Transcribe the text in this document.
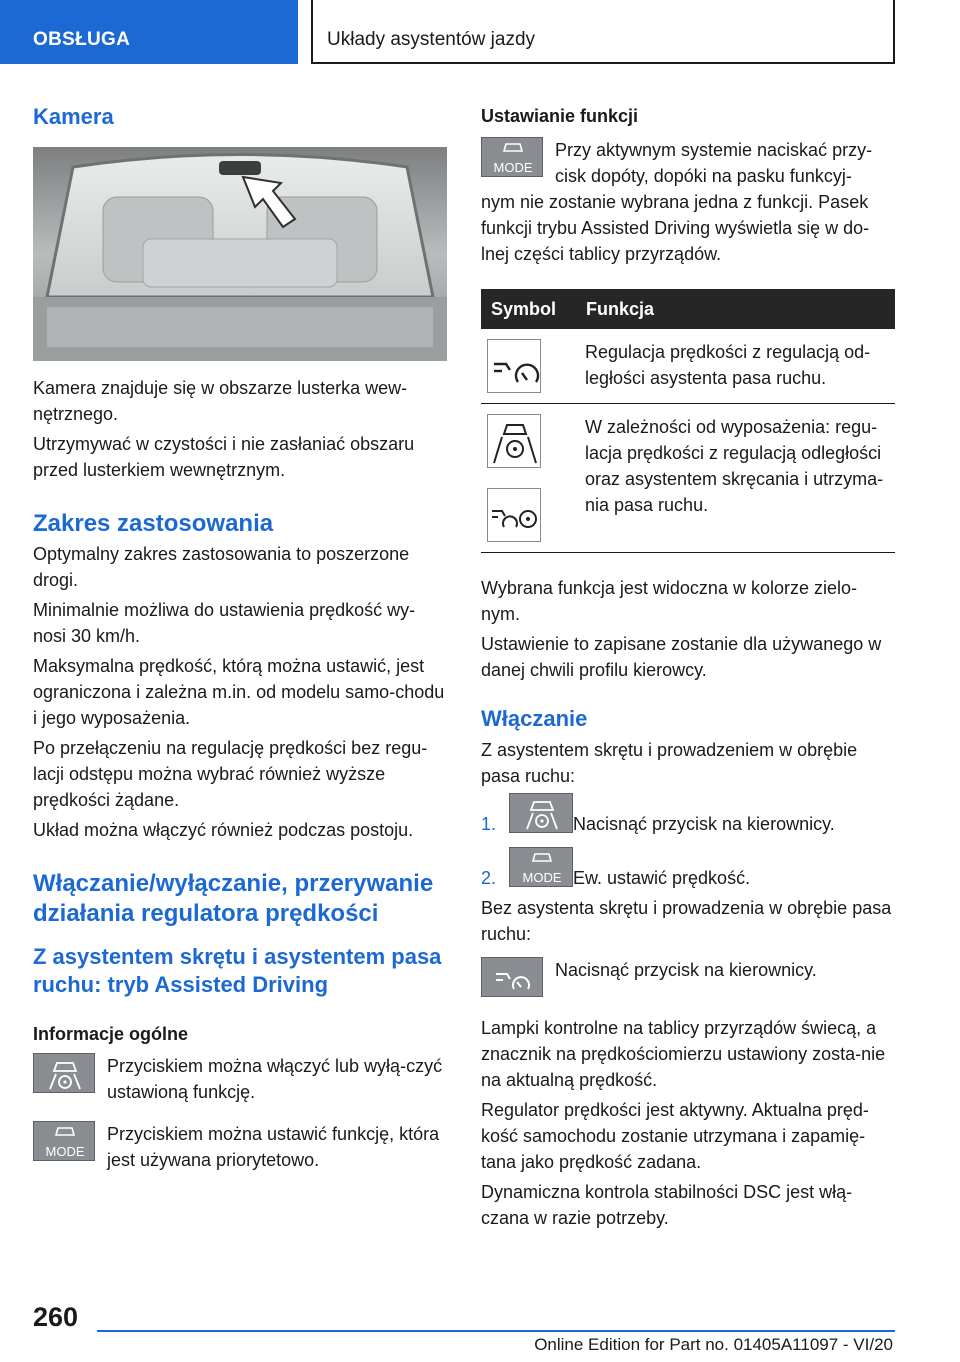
OBSŁUGA	Układy asystentów jazdy
Kamera

Kamera znajduje się w obszarze lusterka wew-nętrznego.

Utrzymywać w czystości i nie zasłaniać obszaru przed lusterkiem wewnętrznym.

Zakres zastosowania

Optymalny zakres zastosowania to poszerzone drogi.

Minimalnie możliwa do ustawienia prędkość wy-nosi 30 km/h.

Maksymalna prędkość, którą można ustawić, jest ograniczona i zależna m.in. od modelu samo-chodu i jego wyposażenia.

Po przełączeniu na regulację prędkości bez regu-lacji odstępu można wybrać również wyższe prędkości żądane.

Układ można włączyć również podczas postoju.

Włączanie/wyłączanie, przerywanie działania regulatora prędkości
Z asystentem skrętu i asystentem pasa ruchu: tryb Assisted Driving
Informacje ogólne

Przyciskiem można włączyć lub wyłą-czyć ustawioną funkcję.

MODE

Przyciskiem można ustawić funkcję, która jest używana priorytetowo.

Ustawianie funkcji
MODE

Przy aktywnym systemie naciskać przy-cisk dopóty, dopóki na pasku funkcyj-

nym nie zostanie wybrana jedna z funkcji. Pasek funkcji trybu Assisted Driving wyświetla się w do-lnej części tablicy przyrządów.

Symbol	Funkcja

	Regulacja prędkości z regulacją od-ległości asystenta pasa ruchu.

	W zależności od wyposażenia: regu-lacja prędkości z regulacją odległości oraz asystentem skręcania i utrzyma-nia pasa ruchu.

Wybrana funkcja jest widoczna w kolorze zielo-nym.

Ustawienie to zapisane zostanie dla używanego w danej chwili profilu kierowcy.

Włączanie

Z asystentem skrętu i prowadzeniem w obrębie pasa ruchu:

1.	Nacisnąć przycisk na kierownicy.

2.	MODE Ew. ustawić prędkość.

Bez asystenta skrętu i prowadzenia w obrębie pasa ruchu:

Nacisnąć przycisk na kierownicy.

Lampki kontrolne na tablicy przyrządów świecą, a znacznik na prędkościomierzu ustawiony zosta-nie na aktualną prędkość.

Regulator prędkości jest aktywny. Aktualna pręd-kość samochodu zostanie utrzymana i zapamię-tana jako prędkość zadana.

Dynamiczna kontrola stabilności DSC jest włą-czana w razie potrzeby.

260
Online Edition for Part no. 01405A11097 - VI/20
